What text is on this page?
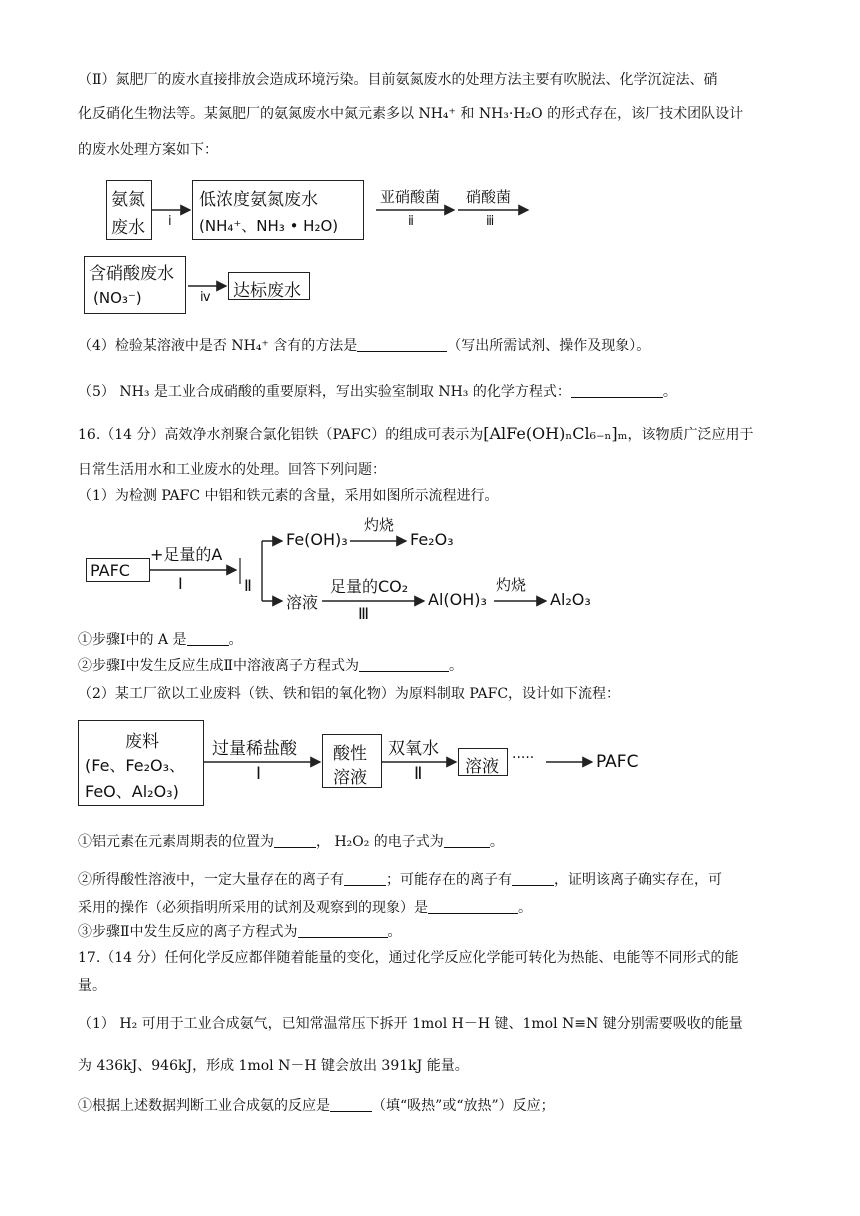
（Ⅱ）氮肥厂的废水直接排放会造成环境污染。目前氨氮废水的处理方法主要有吹脱法、化学沉淀法、硝
化反硝化生物法等。某氮肥厂的氨氮废水中氮元素多以 NH₄⁺ 和 NH₃·H₂O 的形式存在，该厂技术团队设计
的废水处理方案如下：
氨氮
废水 ⅰ
低浓度氨氮废水
(NH₄⁺、NH₃ • H₂O)
亚硝酸菌
ⅱ
硝酸菌
ⅲ
含硝酸废水
(NO₃⁻)	ⅳ 达标废水
（4）检验某溶液中是否 NH₄⁺ 含有的方法是	（写出所需试剂、操作及现象）。
（5） NH₃ 是工业合成硝酸的重要原料，写出实验室制取 NH₃ 的化学方程式：	。
16.（14 分）高效净水剂聚合氯化铝铁（PAFC）的组成可表示为[AlFe(OH)ₙCl₆₋ₙ]ₘ，该物质广泛应用于
日常生活用水和工业废水的处理。回答下列问题：
（1）为检测 PAFC 中铝和铁元素的含量，采用如图所示流程进行。
PAFC
+足量的A
Ⅰ	Ⅱ
Fe(OH)₃
灼烧
Fe₂O₃
溶液
足量的CO₂
Ⅲ
Al(OH)₃
灼烧
Al₂O₃
①步骤Ⅰ中的 A 是	。
②步骤Ⅰ中发生反应生成Ⅱ中溶液离子方程式为	。
（2）某工厂欲以工业废料（铁、铁和铝的氧化物）为原料制取 PAFC，设计如下流程：
废料
(Fe、Fe₂O₃、
FeO、Al₂O₃)
过量稀盐酸
Ⅰ
酸性
溶液
双氧水
Ⅱ	溶液 ·····	PAFC
①铝元素在元素周期表的位置为	， H₂O₂ 的电子式为	。
②所得酸性溶液中，一定大量存在的离子有	；可能存在的离子有	，证明该离子确实存在，可
采用的操作（必须指明所采用的试剂及观察到的现象）是	。
③步骤Ⅱ中发生反应的离子方程式为	。
17.（14 分）任何化学反应都伴随着能量的变化，通过化学反应化学能可转化为热能、电能等不同形式的能
量。
（1） H₂ 可用于工业合成氨气，已知常温常压下拆开 1mol H－H 键、1mol N≡N 键分别需要吸收的能量
为 436kJ、946kJ，形成 1mol N－H 键会放出 391kJ 能量。
①根据上述数据判断工业合成氨的反应是	（填“吸热”或“放热”）反应；
